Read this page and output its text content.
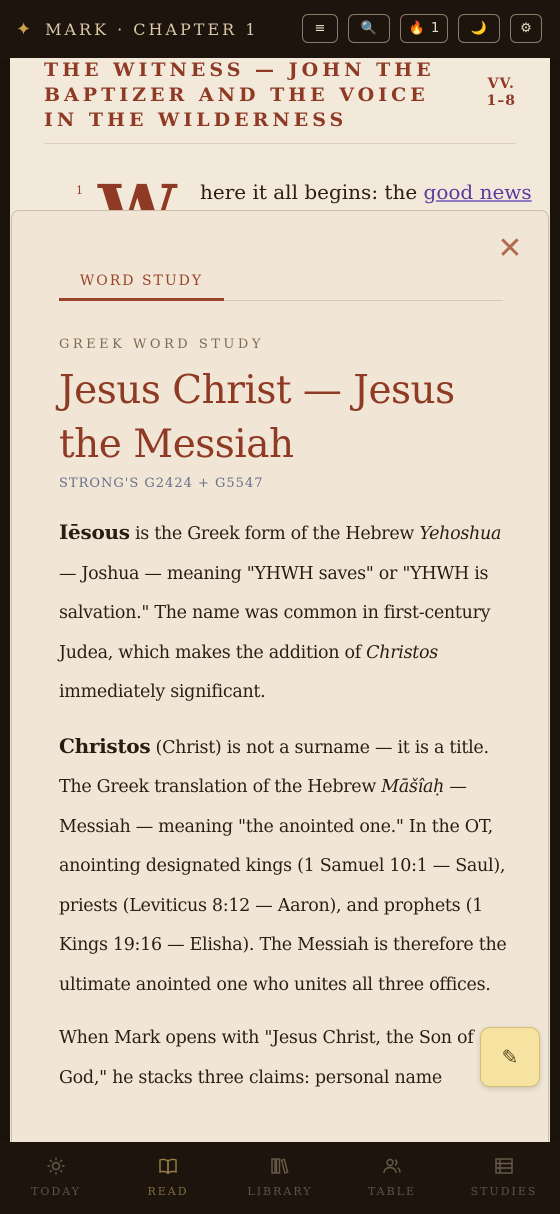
✦ MARK · CHAPTER 1	≡	🔍 🔥 1 🌙	⚙
THE WITNESS — JOHN THE BAPTIZER AND THE VOICE IN THE WILDERNESS
VV.
1–8
1	here it all begins: the good news
✕
WORD STUDY
GREEK WORD STUDY
Jesus Christ — Jesus the Messiah
STRONG'S G2424 + G5547

Iēsous is the Greek form of the Hebrew Yehoshua — Joshua — meaning "YHWH saves" or "YHWH is salvation." The name was common in first-century Judea, which makes the addition of Christos immediately significant.

Christos (Christ) is not a surname — it is a title. The Greek translation of the Hebrew Māšîaḥ — Messiah — meaning "the anointed one." In the OT, anointing designated kings (1 Samuel 10:1 — Saul), priests (Leviticus 8:12 — Aaron), and prophets (1 Kings 19:16 — Elisha). The Messiah is therefore the ultimate anointed one who unites all three offices.

When Mark opens with "Jesus Christ, the Son of God," he stacks three claims: personal name

✎
TODAY	READ	LIBRARY	TABLE	STUDIES
